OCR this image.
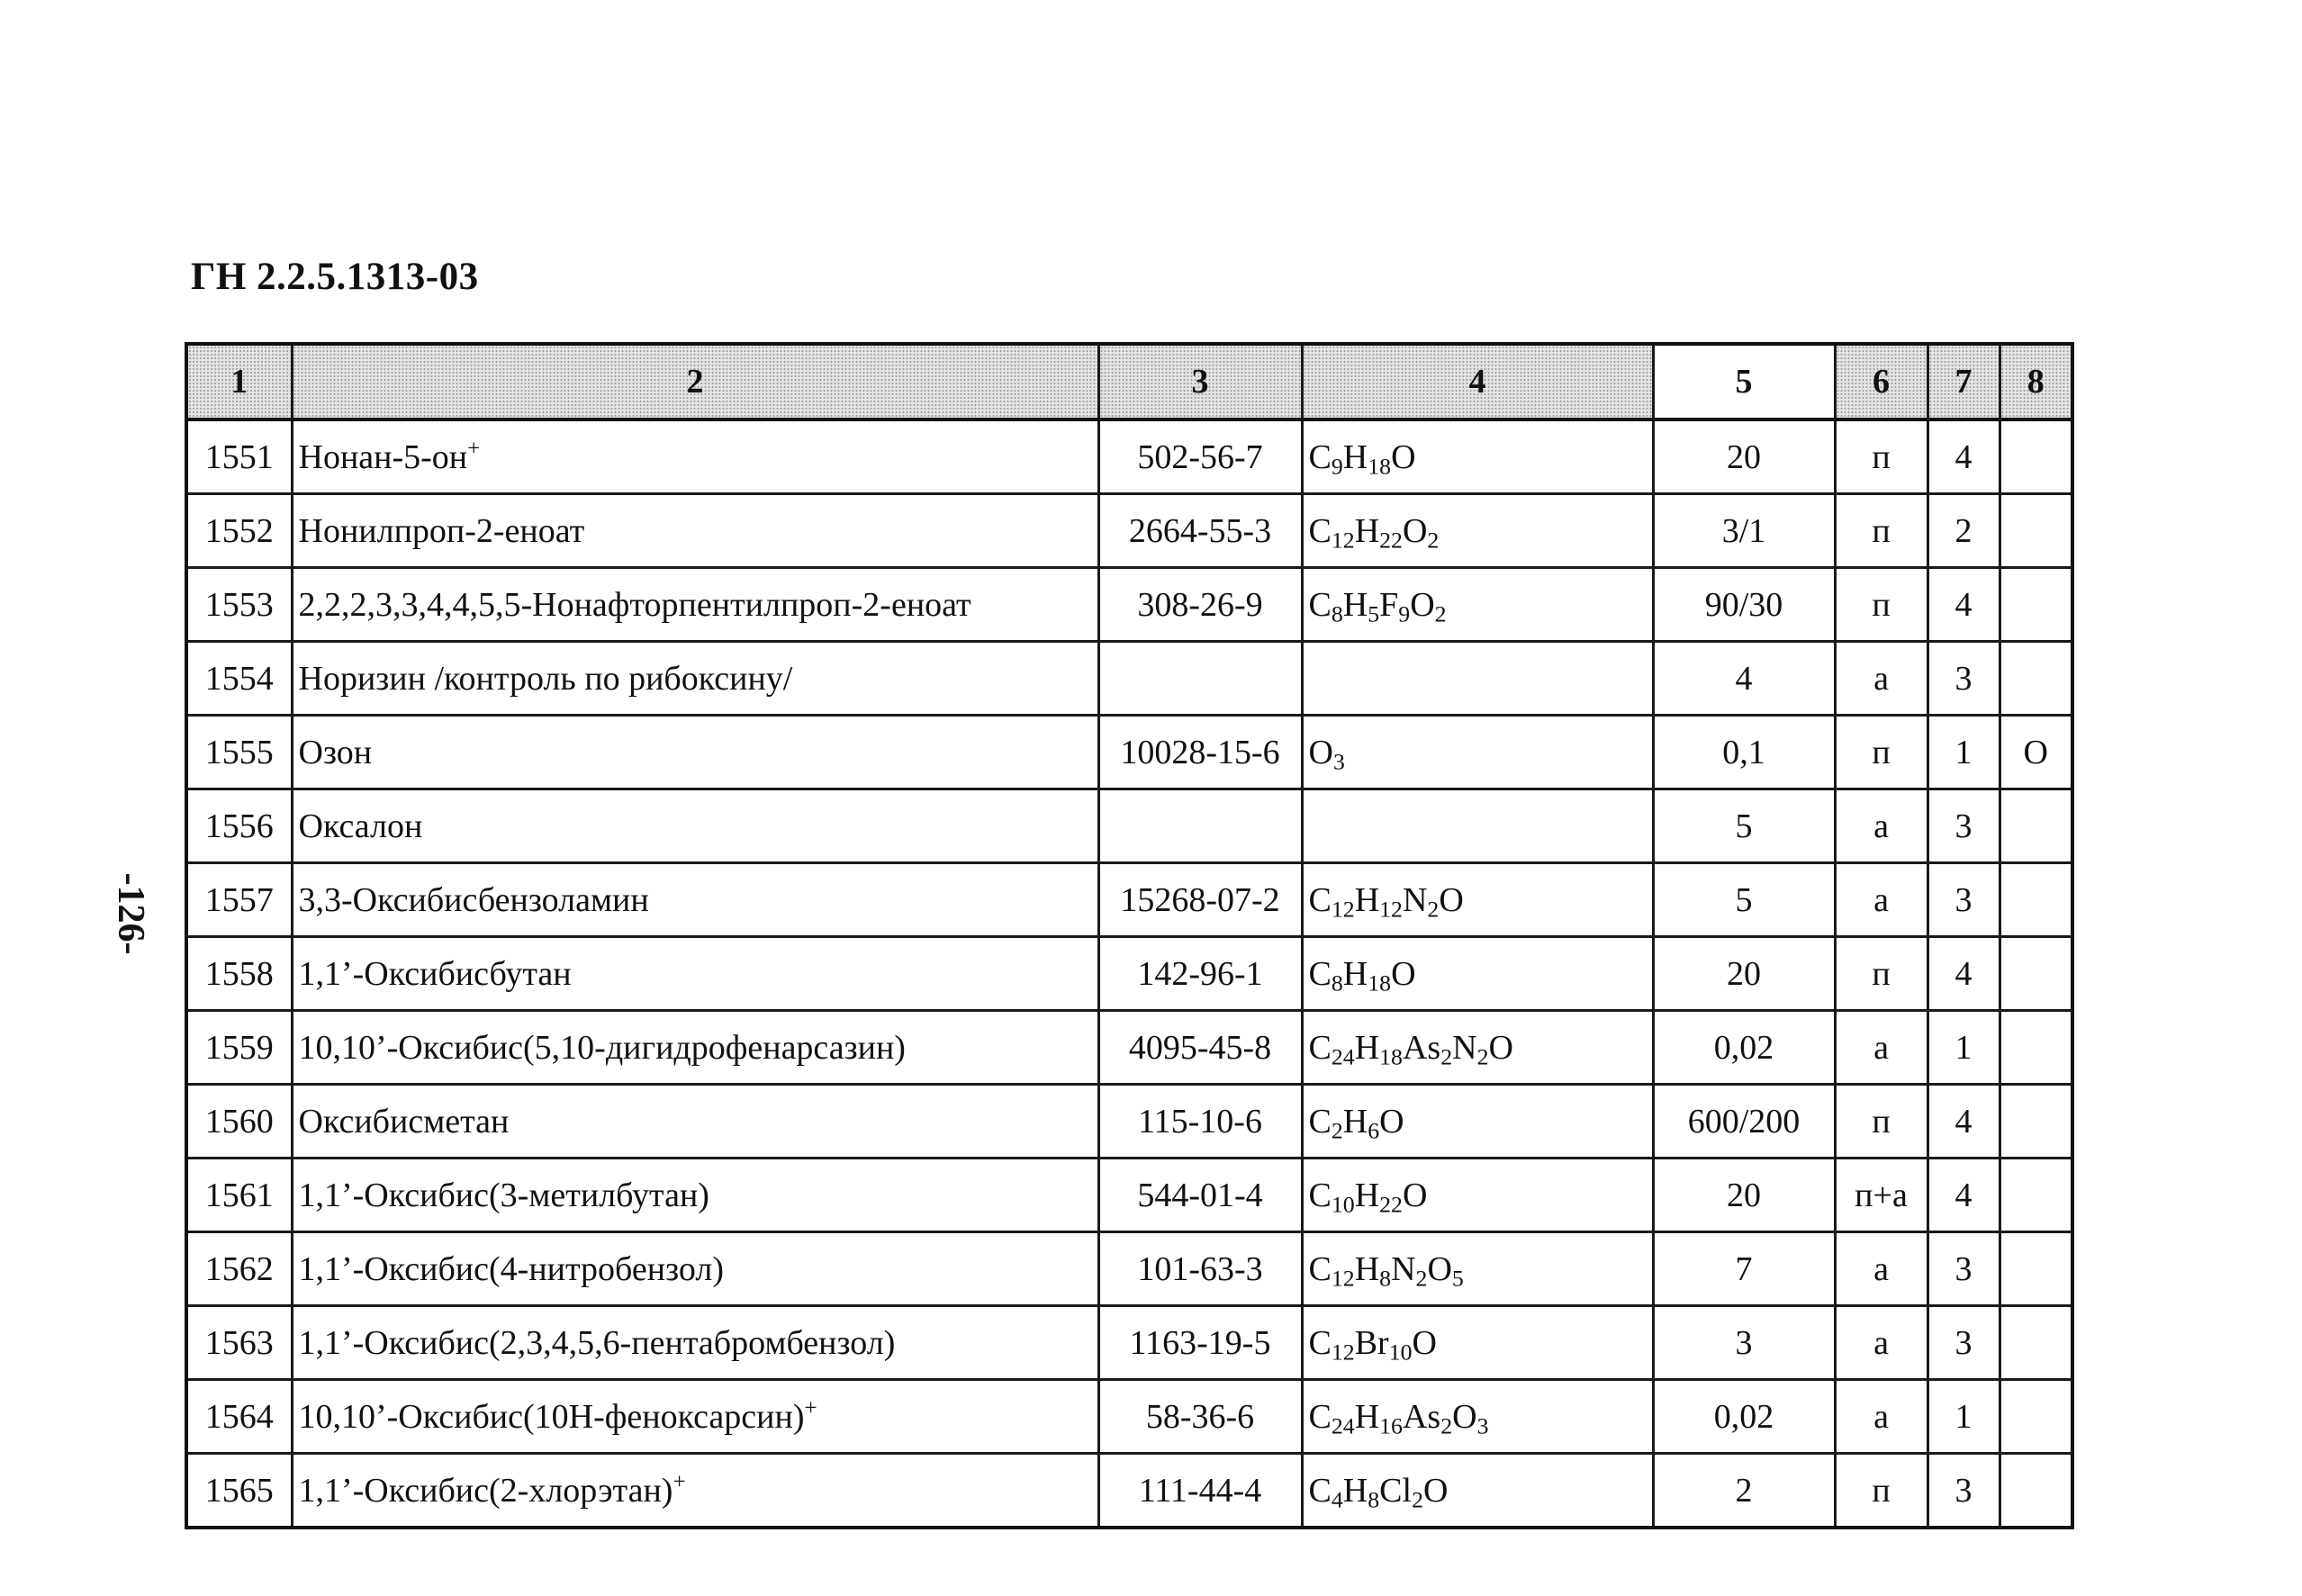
ГН 2.2.5.1313-03
-126-
1	2	3	4	5	6	7	8
1551	Нонан-5-он+	502-56-7	$C_9H_{18}O$	20	п	4	
1552	Нонилпроп-2-еноат	2664-55-3	$C_{12}H_{22}O_2$	3/1	п	2	
1553	2,2,2,3,3,4,4,5,5-Нонафторпентилпроп-2-еноат	308-26-9	$C_8H_5F_9O_2$	90/30	п	4	
1554	Норизин /контроль по рибоксину/			4	а	3	
1555	Озон	10028-15-6	$O_3$	0,1	п	1	О
1556	Оксалон			5	а	3	
1557	3,3-Оксибисбензоламин	15268-07-2	$C_{12}H_{12}N_2O$	5	а	3	
1558	1,1’-Оксибисбутан	142-96-1	$C_8H_{18}O$	20	п	4	
1559	10,10’-Оксибис(5,10-дигидрофенарсазин)	4095-45-8	$C_{24}H_{18}As_2N_2O$	0,02	а	1	
1560	Оксибисметан	115-10-6	$C_2H_6O$	600/200	п	4	
1561	1,1’-Оксибис(3-метилбутан)	544-01-4	$C_{10}H_{22}O$	20	п+а	4	
1562	1,1’-Оксибис(4-нитробензол)	101-63-3	$C_{12}H_8N_2O_5$	7	а	3	
1563	1,1’-Оксибис(2,3,4,5,6-пентабромбензол)	1163-19-5	$C_{12}Br_{10}O$	3	а	3	
1564	10,10’-Оксибис(10Н-феноксарсин)+	58-36-6	$C_{24}H_{16}As_2O_3$	0,02	а	1	
1565	1,1’-Оксибис(2-хлорэтан)+	111-44-4	$C_4H_8Cl_2O$	2	п	3	
